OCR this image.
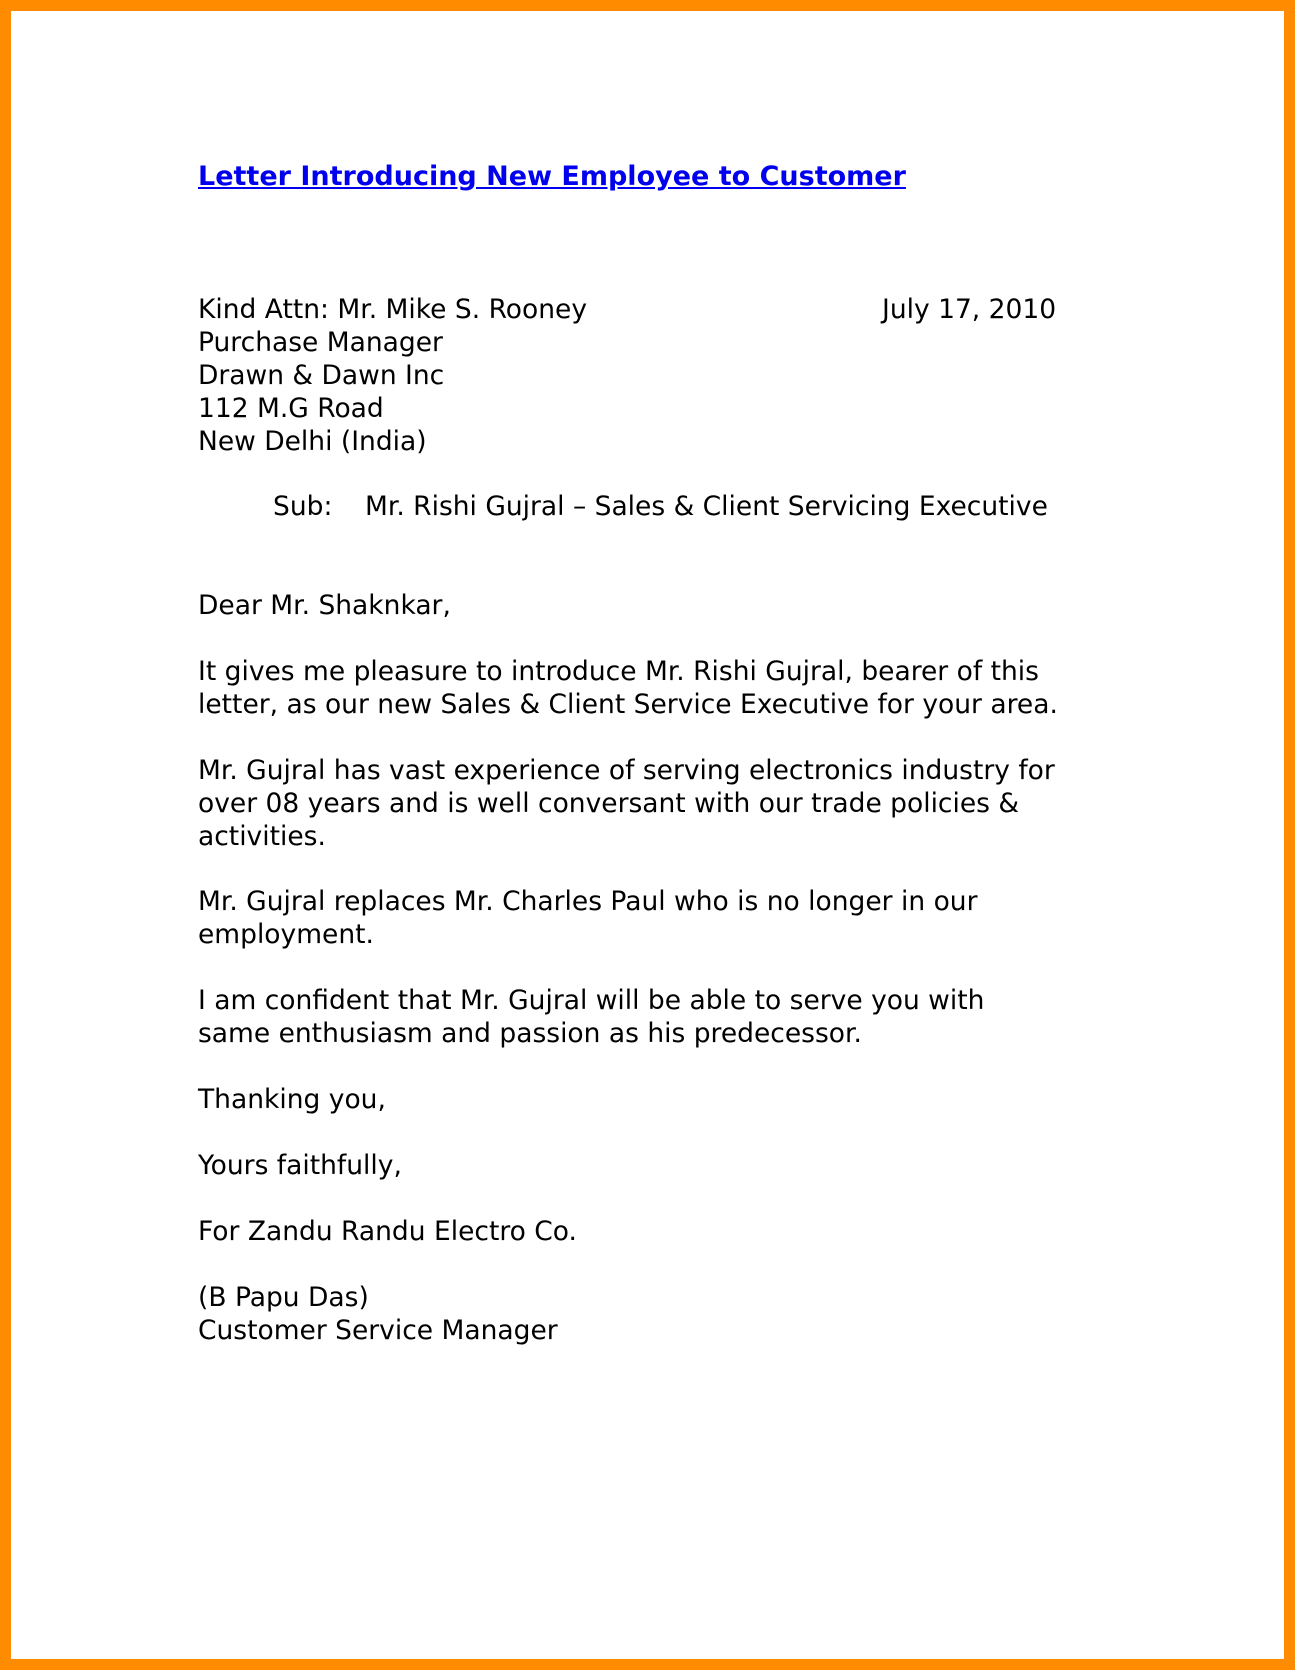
Letter Introducing New Employee to Customer
Kind Attn: Mr. Mike S. Rooney
Purchase Manager
Drawn & Dawn Inc
112 M.G Road
New Delhi (India)
July 17, 2010
Sub: Mr. Rishi Gujral – Sales & Client Servicing Executive
Dear Mr. Shaknkar,
It gives me pleasure to introduce Mr. Rishi Gujral, bearer of this
letter, as our new Sales & Client Service Executive for your area.
Mr. Gujral has vast experience of serving electronics industry for
over 08 years and is well conversant with our trade policies &
activities.
Mr. Gujral replaces Mr. Charles Paul who is no longer in our
employment.
I am confident that Mr. Gujral will be able to serve you with
same enthusiasm and passion as his predecessor.
Thanking you,
Yours faithfully,
For Zandu Randu Electro Co.
(B Papu Das)
Customer Service Manager
